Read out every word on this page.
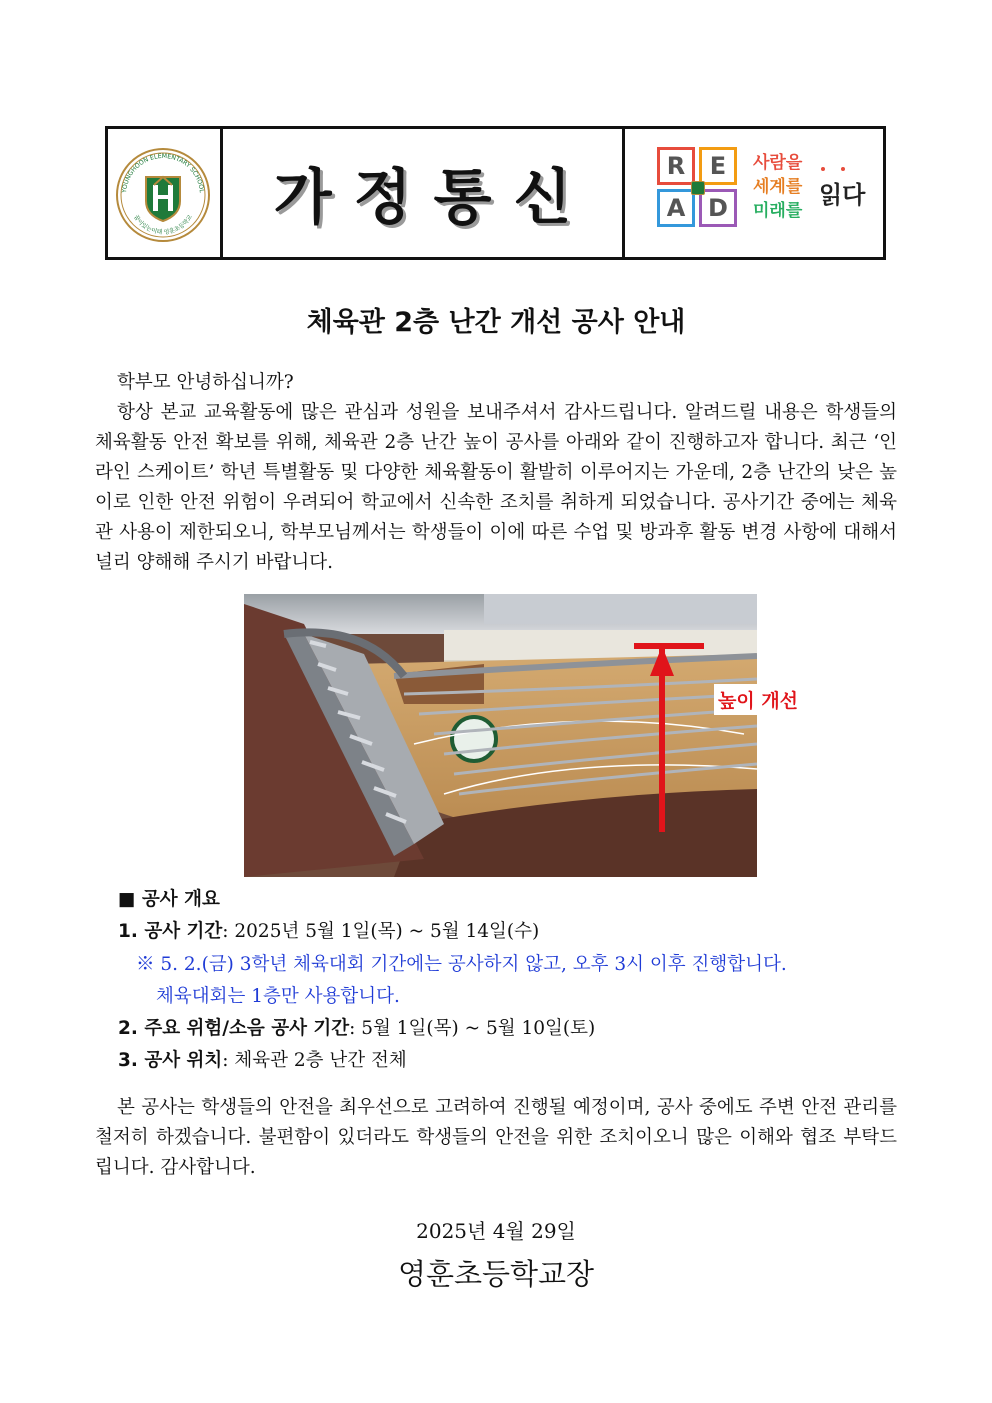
YOUNGHOON ELEMENTARY SCHOOL
꿈이있는미래 영훈초등학교 가정통신	R	E
A D
사람을
세계를
미래를
읽다
체육관 2층 난간 개선 공사 안내

학부모 안녕하십니까?

항상 본교 교육활동에 많은 관심과 성원을 보내주셔서 감사드립니다. 알려드릴 내용은 학생들의 체육활동 안전 확보를 위해, 체육관 2층 난간 높이 공사를 아래와 같이 진행하고자 합니다. 최근 ‘인라인 스케이트’ 학년 특별활동 및 다양한 체육활동이 활발히 이루어지는 가운데, 2층 난간의 낮은 높이로 인한 안전 위험이 우려되어 학교에서 신속한 조치를 취하게 되었습니다. 공사기간 중에는 체육관 사용이 제한되오니, 학부모님께서는 학생들이 이에 따른 수업 및 방과후 활동 변경 사항에 대해서 널리 양해해 주시기 바랍니다.

높이 개선
■ 공사 개요
1. 공사 기간: 2025년 5월 1일(목) ~ 5월 14일(수)
※ 5. 2.(금) 3학년 체육대회 기간에는 공사하지 않고, 오후 3시 이후 진행합니다.
체육대회는 1층만 사용합니다.
2. 주요 위험/소음 공사 기간: 5월 1일(목) ~ 5월 10일(토)
3. 공사 위치: 체육관 2층 난간 전체

본 공사는 학생들의 안전을 최우선으로 고려하여 진행될 예정이며, 공사 중에도 주변 안전 관리를 철저히 하겠습니다. 불편함이 있더라도 학생들의 안전을 위한 조치이오니 많은 이해와 협조 부탁드립니다. 감사합니다.

2025년 4월 29일
영훈초등학교장
